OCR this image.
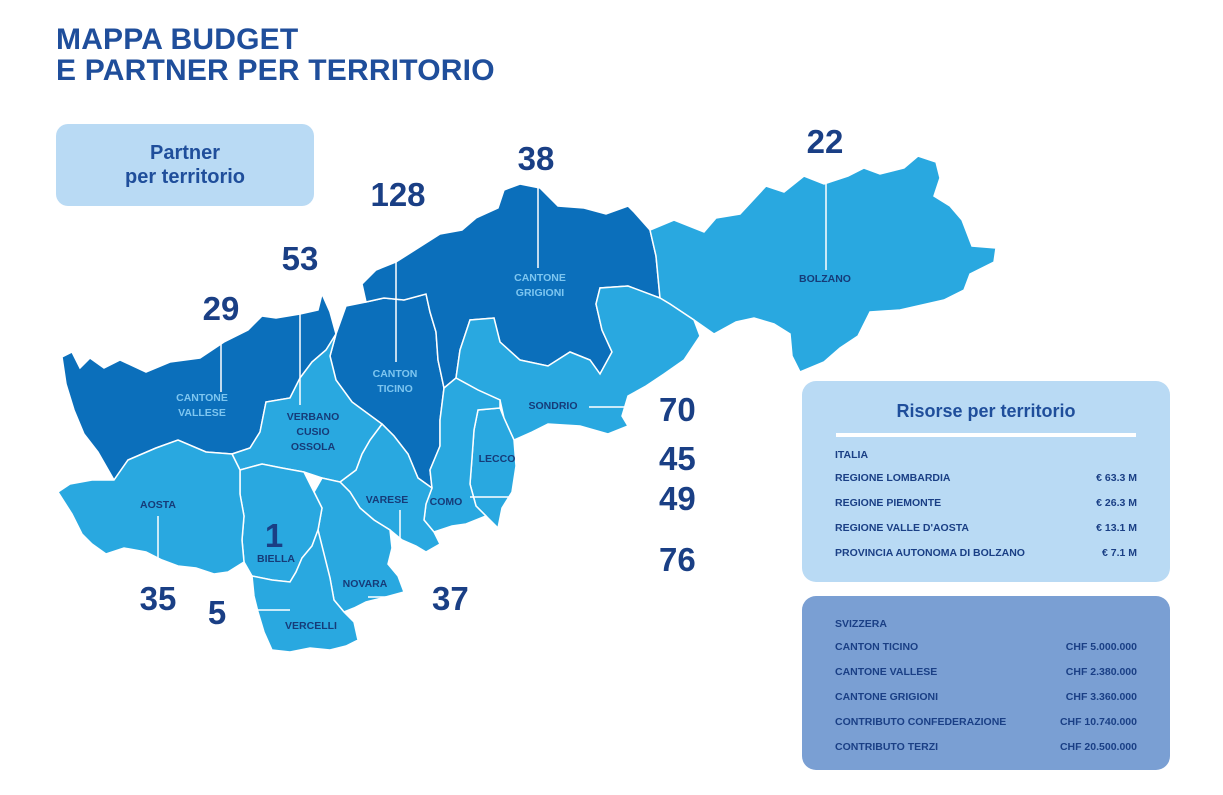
MAPPA BUDGET
E PARTNER PER TERRITORIO
Partner
per territorio
CANTONE
VALLESE	VERBANO
CUSIO
OSSOLA
CANTON
TICINO
CANTONE
GRIGIONI
BOLZANO
SONDRIO
LECCO
COMO
VARESE
NOVARA
AOSTA
BIELLA
VERCELLI
29
53
128
38	22
70
45
49
76
37
35
1
5
Risorse per territorio
ITALIA
REGIONE LOMBARDIA	€ 63.3 M
REGIONE PIEMONTE	€ 26.3 M
REGIONE VALLE D'AOSTA	€ 13.1 M
PROVINCIA AUTONOMA DI BOLZANO	€ 7.1 M
SVIZZERA
CANTON TICINO	CHF 5.000.000
CANTONE VALLESE	CHF 2.380.000
CANTONE GRIGIONI	CHF 3.360.000
CONTRIBUTO CONFEDERAZIONE	CHF 10.740.000
CONTRIBUTO TERZI	CHF 20.500.000
